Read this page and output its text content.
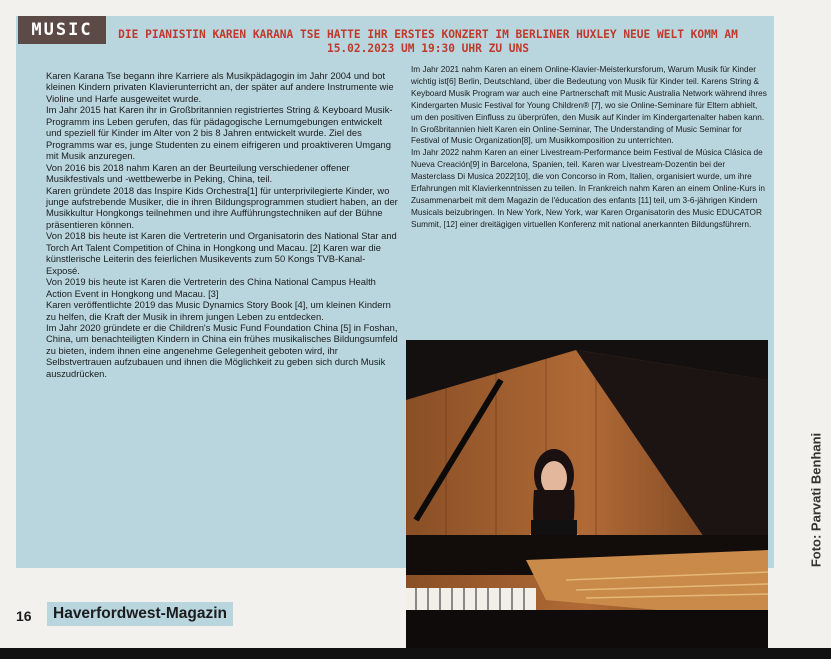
MUSIC	DIE PIANISTIN KAREN KARANA TSE HATTE IHR ERSTES KONZERT IM BERLINER HUXLEY NEUE WELT KOMM AM 15.02.2023 UM 19:30 UHR ZU UNS

Karen Karana Tse begann ihre Karriere als Musikpädagogin im Jahr 2004 und bot kleinen Kindern privaten Klavierunterricht an, der später auf andere Instrumente wie Violine und Harfe ausgeweitet wurde.

Im Jahr 2015 hat Karen ihr in Großbritannien registriertes String & Keyboard Musik-Programm ins Leben gerufen, das für pädagogische Lernumgebungen entwickelt und speziell für Kinder im Alter von 2 bis 8 Jahren entwickelt wurde. Ziel des Programms war es, junge Studenten zu einem eifrigeren und proaktiveren Umgang mit Musik anzuregen.

Von 2016 bis 2018 nahm Karen an der Beurteilung verschiedener offener Musikfestivals und -wettbewerbe in Peking, China, teil.

Karen gründete 2018 das Inspire Kids Orchestra[1] für unterprivilegierte Kinder, wo junge aufstrebende Musiker, die in ihren Bildungsprogrammen studiert haben, an der Musikkultur Hongkongs teilnehmen und ihre Aufführungstechniken auf der Bühne präsentieren können.

Von 2018 bis heute ist Karen die Vertreterin und Organisatorin des National Star and Torch Art Talent Competition of China in Hongkong und Macau. [2] Karen war die künstlerische Leiterin des feierlichen Musikevents zum 50 Kongs TVB-Kanal-Exposé.

Von 2019 bis heute ist Karen die Vertreterin des China National Campus Health Action Event in Hongkong und Macau. [3]

Karen veröffentlichte 2019 das Music Dynamics Story Book [4], um kleinen Kindern zu helfen, die Kraft der Musik in ihrem jungen Leben zu entdecken.

Im Jahr 2020 gründete er die Children's Music Fund Foundation China [5] in Foshan, China, um benachteiligten Kindern in China ein frühes musikalisches Bildungsumfeld zu bieten, indem ihnen eine angenehme Gelegenheit geboten wird, ihr Selbstvertrauen aufzubauen und ihnen die Möglichkeit zu geben sich durch Musik auszudrücken.

Im Jahr 2021 nahm Karen an einem Online-Klavier-Meisterkursforum, Warum Musik für Kinder wichtig ist[6] Berlin, Deutschland, über die Bedeutung von Musik für Kinder teil. Karens String & Keyboard Musik Program war auch eine Partnerschaft mit Music Australia Network während ihres Kindergarten Music Festival for Young Children® [7], wo sie Online-Seminare für Eltern abhielt, um den positiven Einfluss zu überprüfen, den Musik auf Kinder im Kindergartenalter haben kann. In Großbritannien hielt Karen ein Online-Seminar, The Understanding of Music Seminar for Festival of Music Organization[8], um Musikkomposition zu unterrichten.

Im Jahr 2022 nahm Karen an einer Livestream-Performance beim Festival de Música Clásica de Nueva Creación[9] in Barcelona, Spanien, teil. Karen war Livestream-Dozentin bei der Masterclass Di Musica 2022[10], die von Concorso in Rom, Italien, organisiert wurde, um ihre Erfahrungen mit Klavierkenntnissen zu teilen. In Frankreich nahm Karen an einem Online-Kurs in Zusammenarbeit mit dem Magazin de l'éducation des enfants [11] teil, um 3-6-jährigen Kindern Musicals beizubringen. In New York, New York, war Karen Organisatorin des Music EDUCATOR Summit, [12] einer dreitägigen virtuellen Konferenz mit national anerkannten Bildungsführern.

Foto: Parvati Benhani
16	Haverfordwest-Magazin
